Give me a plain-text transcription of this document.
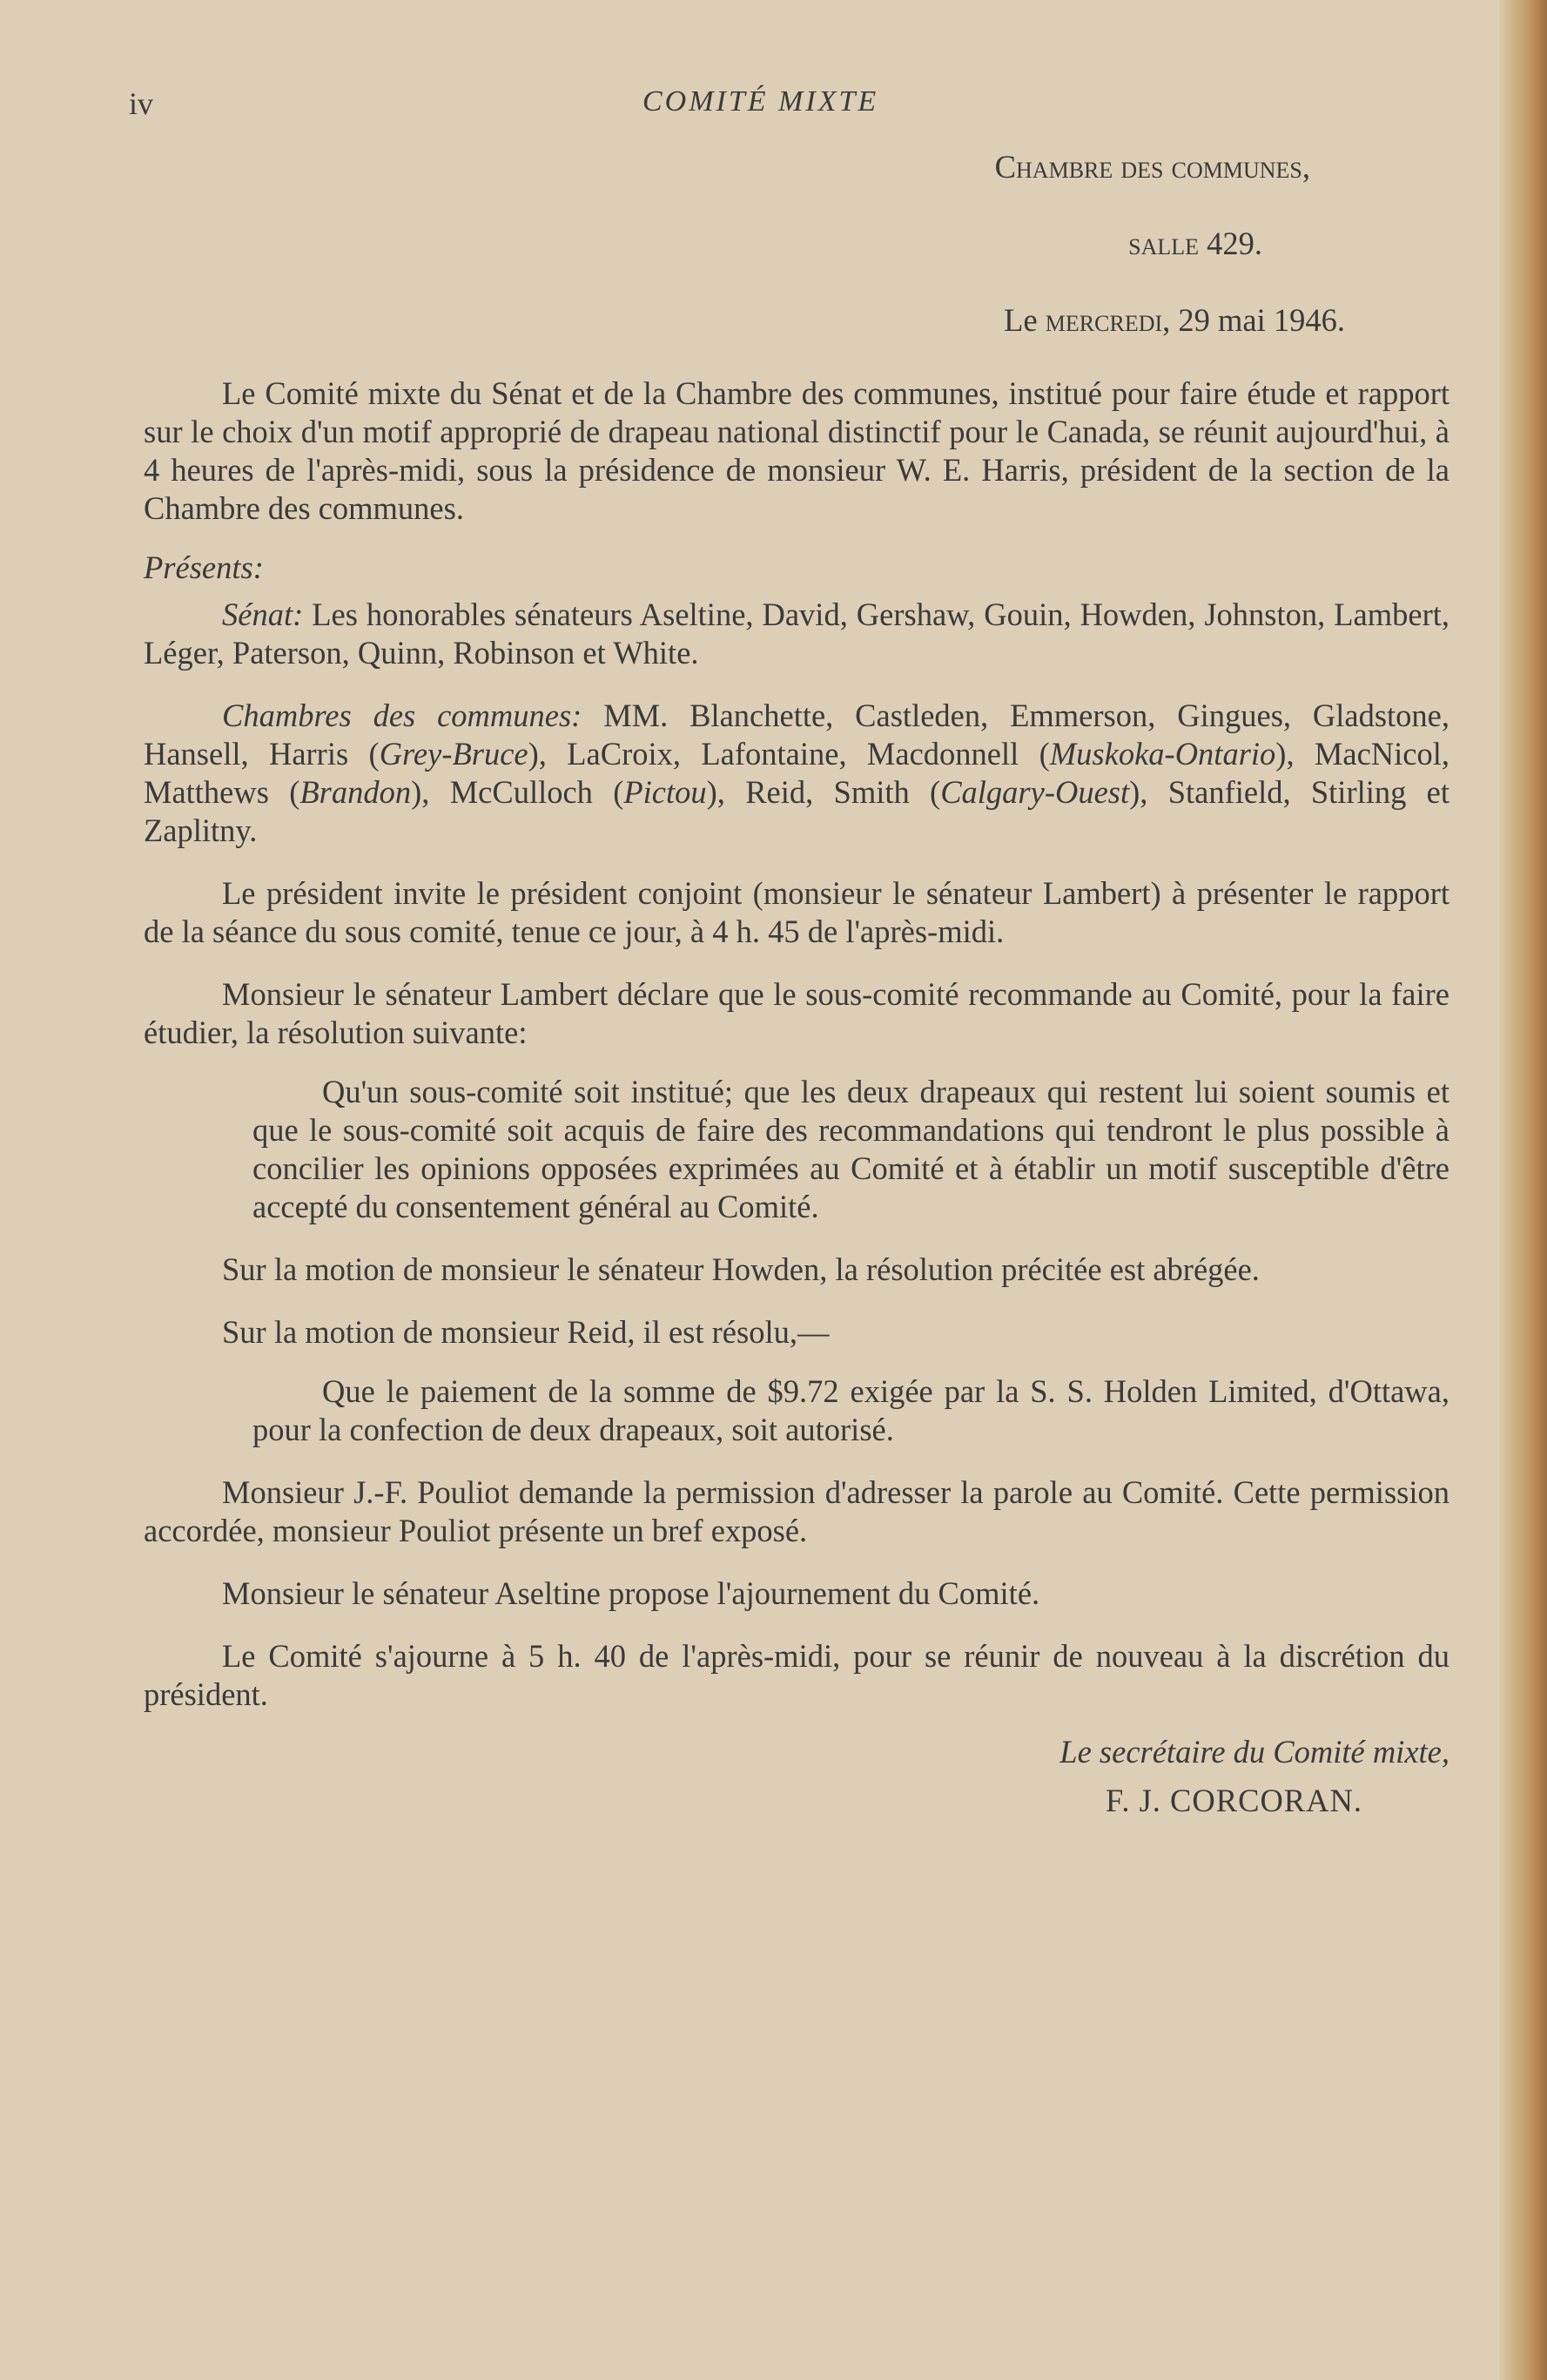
iv	COMITÉ MIXTE
Chambre des communes,
salle 429.
Le mercredi, 29 mai 1946.

Le Comité mixte du Sénat et de la Chambre des communes, institué pour faire étude et rapport sur le choix d'un motif approprié de drapeau national distinctif pour le Canada, se réunit aujourd'hui, à 4 heures de l'après-midi, sous la présidence de monsieur W. E. Harris, président de la section de la Chambre des communes.

Présents:

Sénat: Les honorables sénateurs Aseltine, David, Gershaw, Gouin, Howden, Johnston, Lambert, Léger, Paterson, Quinn, Robinson et White.

Chambres des communes: MM. Blanchette, Castleden, Emmerson, Gingues, Gladstone, Hansell, Harris (Grey-Bruce), LaCroix, Lafontaine, Macdonnell (Muskoka-Ontario), MacNicol, Matthews (Brandon), McCulloch (Pictou), Reid, Smith (Calgary-Ouest), Stanfield, Stirling et Zaplitny.

Le président invite le président conjoint (monsieur le sénateur Lambert) à présenter le rapport de la séance du sous comité, tenue ce jour, à 4 h. 45 de l'après-midi.

Monsieur le sénateur Lambert déclare que le sous-comité recommande au Comité, pour la faire étudier, la résolution suivante:

Qu'un sous-comité soit institué; que les deux drapeaux qui restent lui soient soumis et que le sous-comité soit acquis de faire des recommandations qui tendront le plus possible à concilier les opinions opposées exprimées au Comité et à établir un motif susceptible d'être accepté du consentement général au Comité.

Sur la motion de monsieur le sénateur Howden, la résolution précitée est abrégée.

Sur la motion de monsieur Reid, il est résolu,—

Que le paiement de la somme de $9.72 exigée par la S. S. Holden Limited, d'Ottawa, pour la confection de deux drapeaux, soit autorisé.

Monsieur J.-F. Pouliot demande la permission d'adresser la parole au Comité. Cette permission accordée, monsieur Pouliot présente un bref exposé.

Monsieur le sénateur Aseltine propose l'ajournement du Comité.

Le Comité s'ajourne à 5 h. 40 de l'après-midi, pour se réunir de nouveau à la discrétion du président.

Le secrétaire du Comité mixte,
F. J. CORCORAN.
